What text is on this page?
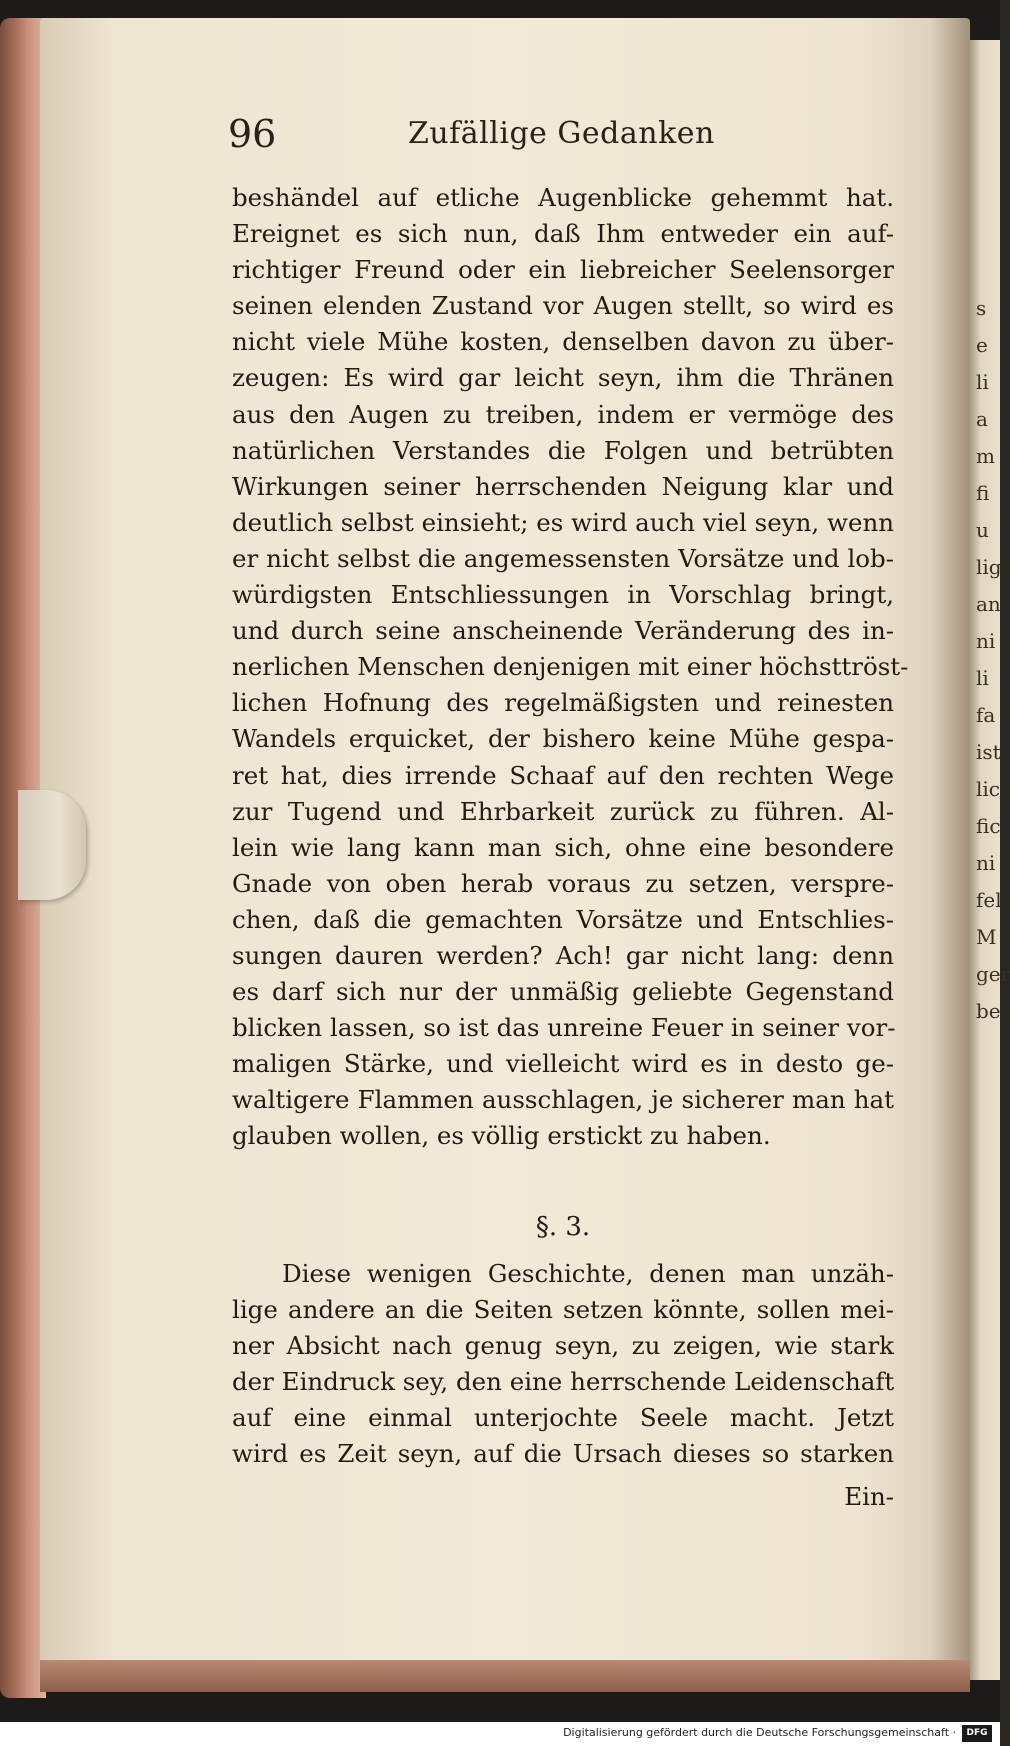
s
e
li
a
m
fi
u
lig
an
ni
li
fa
ist
lic
fic
ni
fel
M
ger
be
96	Zufällige Gedanken
beshändel auf etliche Augenblicke gehemmt hat.
Ereignet es sich nun, daß Ihm entweder ein auf-
richtiger Freund oder ein liebreicher Seelensorger
seinen elenden Zustand vor Augen stellt, so wird es
nicht viele Mühe kosten, denselben davon zu über-
zeugen: Es wird gar leicht seyn, ihm die Thränen
aus den Augen zu treiben, indem er vermöge des
natürlichen Verstandes die Folgen und betrübten
Wirkungen seiner herrschenden Neigung klar und
deutlich selbst einsieht; es wird auch viel seyn, wenn
er nicht selbst die angemessensten Vorsätze und lob-
würdigsten Entschliessungen in Vorschlag bringt,
und durch seine anscheinende Veränderung des in-
nerlichen Menschen denjenigen mit einer höchsttröst-
lichen Hofnung des regelmäßigsten und reinesten
Wandels erquicket, der bishero keine Mühe gespa-
ret hat, dies irrende Schaaf auf den rechten Wege
zur Tugend und Ehrbarkeit zurück zu führen. Al-
lein wie lang kann man sich, ohne eine besondere
Gnade von oben herab voraus zu setzen, verspre-
chen, daß die gemachten Vorsätze und Entschlies-
sungen dauren werden? Ach! gar nicht lang: denn
es darf sich nur der unmäßig geliebte Gegenstand
blicken lassen, so ist das unreine Feuer in seiner vor-
maligen Stärke, und vielleicht wird es in desto ge-
waltigere Flammen ausschlagen, je sicherer man hat
glauben wollen, es völlig erstickt zu haben.
§. 3.
Diese wenigen Geschichte, denen man unzäh-
lige andere an die Seiten setzen könnte, sollen mei-
ner Absicht nach genug seyn, zu zeigen, wie stark
der Eindruck sey, den eine herrschende Leidenschaft
auf eine einmal unterjochte Seele macht. Jetzt
wird es Zeit seyn, auf die Ursach dieses so starken
Ein-
Digitalisierung gefördert durch die Deutsche Forschungsgemeinschaft ·	DFG
